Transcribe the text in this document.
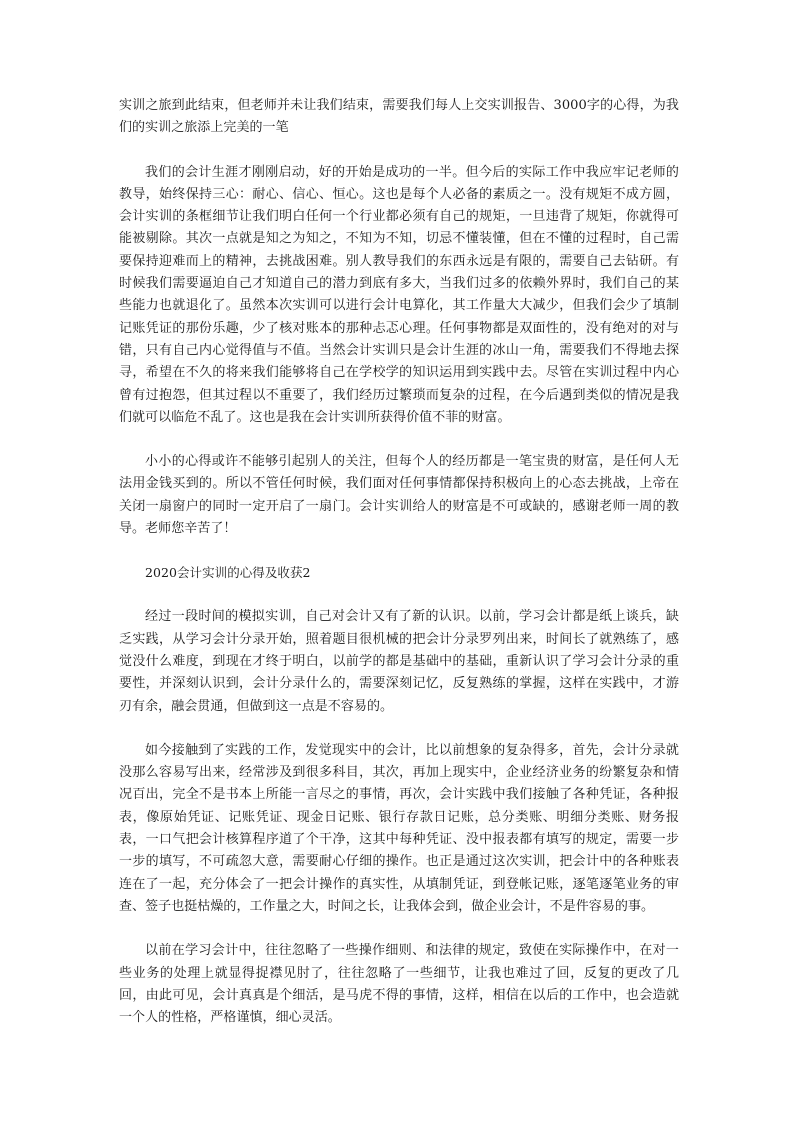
实训之旅到此结束，但老师并未让我们结束，需要我们每人上交实训报告、3000字的心得，为我们的实训之旅添上完美的一笔

我们的会计生涯才刚刚启动，好的开始是成功的一半。但今后的实际工作中我应牢记老师的教导，始终保持三心：耐心、信心、恒心。这也是每个人必备的素质之一。没有规矩不成方圆，会计实训的条框细节让我们明白任何一个行业都必须有自己的规矩，一旦违背了规矩，你就得可能被剔除。其次一点就是知之为知之，不知为不知，切忌不懂装懂，但在不懂的过程时，自己需要保持迎难而上的精神，去挑战困难。别人教导我们的东西永远是有限的，需要自己去钻研。有时候我们需要逼迫自己才知道自己的潜力到底有多大，当我们过多的依赖外界时，我们自己的某些能力也就退化了。虽然本次实训可以进行会计电算化，其工作量大大减少，但我们会少了填制记账凭证的那份乐趣，少了核对账本的那种忐忑心理。任何事物都是双面性的，没有绝对的对与错，只有自己内心觉得值与不值。当然会计实训只是会计生涯的冰山一角，需要我们不得地去探寻，希望在不久的将来我们能够将自己在学校学的知识运用到实践中去。尽管在实训过程中内心曾有过抱怨，但其过程以不重要了，我们经历过繁琐而复杂的过程，在今后遇到类似的情况是我们就可以临危不乱了。这也是我在会计实训所获得价值不菲的财富。

小小的心得或许不能够引起别人的关注，但每个人的经历都是一笔宝贵的财富，是任何人无法用金钱买到的。所以不管任何时候，我们面对任何事情都保持积极向上的心态去挑战，上帝在关闭一扇窗户的同时一定开启了一扇门。会计实训给人的财富是不可或缺的，感谢老师一周的教导。老师您辛苦了！

2020会计实训的心得及收获2

经过一段时间的模拟实训，自己对会计又有了新的认识。以前，学习会计都是纸上谈兵，缺乏实践，从学习会计分录开始，照着题目很机械的把会计分录罗列出来，时间长了就熟练了，感觉没什么难度，到现在才终于明白，以前学的都是基础中的基础，重新认识了学习会计分录的重要性，并深刻认识到，会计分录什么的，需要深刻记忆，反复熟练的掌握，这样在实践中，才游刃有余，融会贯通，但做到这一点是不容易的。

如今接触到了实践的工作，发觉现实中的会计，比以前想象的复杂得多，首先，会计分录就没那么容易写出来，经常涉及到很多科目，其次，再加上现实中，企业经济业务的纷繁复杂和情况百出，完全不是书本上所能一言尽之的事情，再次，会计实践中我们接触了各种凭证，各种报表，像原始凭证、记账凭证、现金日记账、银行存款日记账，总分类账、明细分类账、财务报表，一口气把会计核算程序道了个干净，这其中每种凭证、没中报表都有填写的规定，需要一步一步的填写，不可疏忽大意，需要耐心仔细的操作。也正是通过这次实训，把会计中的各种账表连在了一起，充分体会了一把会计操作的真实性，从填制凭证，到登帐记账，逐笔逐笔业务的审查、签子也挺枯燥的，工作量之大，时间之长，让我体会到，做企业会计，不是件容易的事。

以前在学习会计中，往往忽略了一些操作细则、和法律的规定，致使在实际操作中，在对一些业务的处理上就显得捉襟见肘了，往往忽略了一些细节，让我也难过了回，反复的更改了几回，由此可见，会计真真是个细活，是马虎不得的事情，这样，相信在以后的工作中，也会造就一个人的性格，严格谨慎，细心灵活。
